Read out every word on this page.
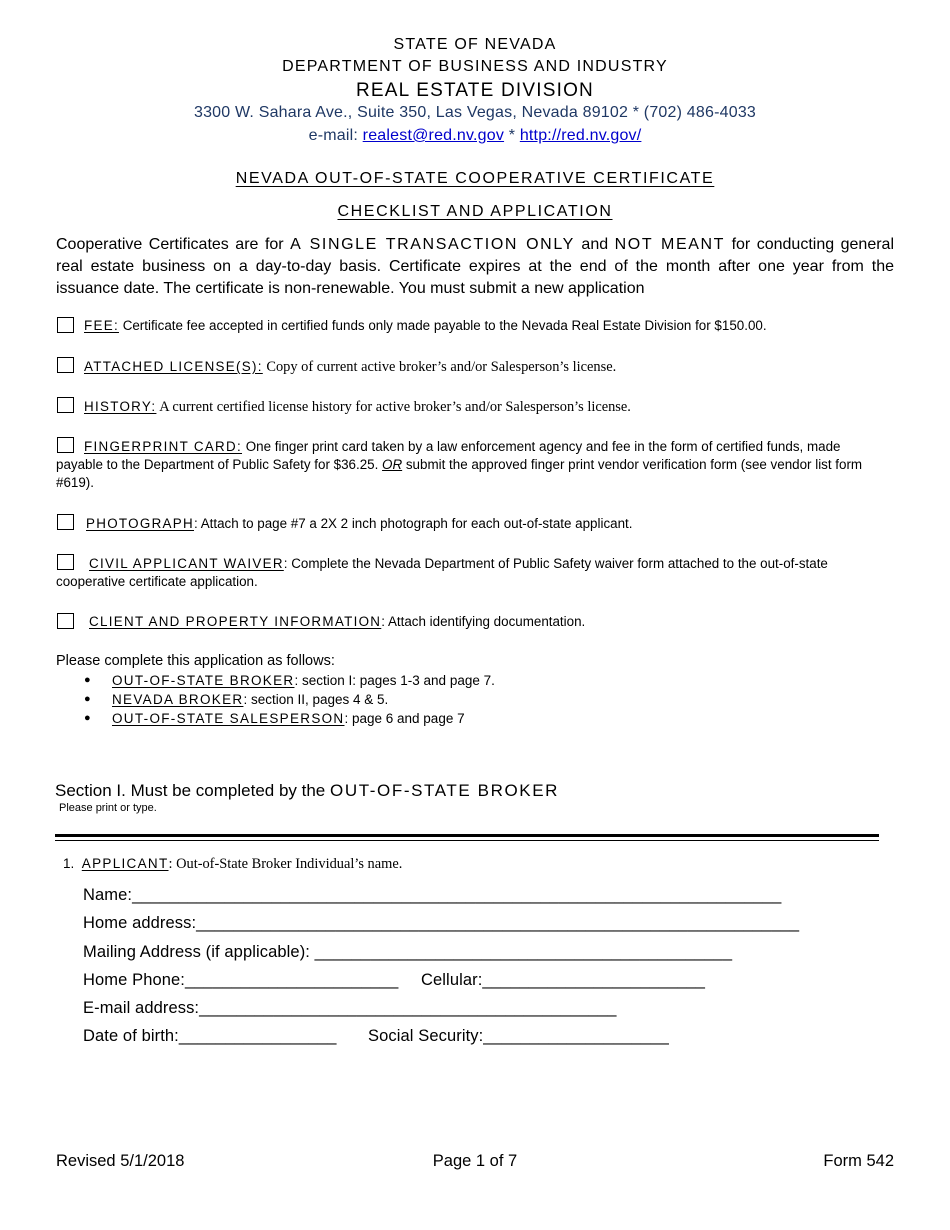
STATE OF NEVADA
DEPARTMENT OF BUSINESS AND INDUSTRY
REAL ESTATE DIVISION
3300 W. Sahara Ave., Suite 350, Las Vegas, Nevada 89102 * (702) 486-4033
e-mail: realest@red.nv.gov * http://red.nv.gov/
NEVADA OUT-OF-STATE COOPERATIVE CERTIFICATE
CHECKLIST AND APPLICATION
Cooperative Certificates are for A SINGLE TRANSACTION ONLY and NOT MEANT for conducting general real estate business on a day-to-day basis. Certificate expires at the end of the month after one year from the issuance date. The certificate is non-renewable. You must submit a new application
FEE: Certificate fee accepted in certified funds only made payable to the Nevada Real Estate Division for $150.00.
ATTACHED LICENSE(S): Copy of current active broker’s and/or Salesperson’s license.
HISTORY: A current certified license history for active broker’s and/or Salesperson’s license.
FINGERPRINT CARD: One finger print card taken by a law enforcement agency and fee in the form of certified funds, made payable to the Department of Public Safety for $36.25. OR submit the approved finger print vendor verification form (see vendor list form #619).
PHOTOGRAPH: Attach to page #7 a 2X 2 inch photograph for each out-of-state applicant.
CIVIL APPLICANT WAIVER: Complete the Nevada Department of Public Safety waiver form attached to the out-of-state cooperative certificate application.
CLIENT AND PROPERTY INFORMATION: Attach identifying documentation.
Please complete this application as follows:
● OUT-OF-STATE BROKER: section I: pages 1-3 and page 7.
● NEVADA BROKER: section II, pages 4 & 5.
● OUT-OF-STATE SALESPERSON: page 6 and page 7
Section I. Must be completed by the OUT-OF-STATE BROKER
Please print or type.
1. APPLICANT: Out-of-State Broker Individual’s name.
Name:______________________________________________________________________
Home address:_________________________________________________________________
Mailing Address (if applicable): _____________________________________________
Home Phone:_______________________ Cellular:________________________
E-mail address:_____________________________________________
Date of birth:_________________ Social Security:____________________
Revised 5/1/2018	Page 1 of 7	Form 542
